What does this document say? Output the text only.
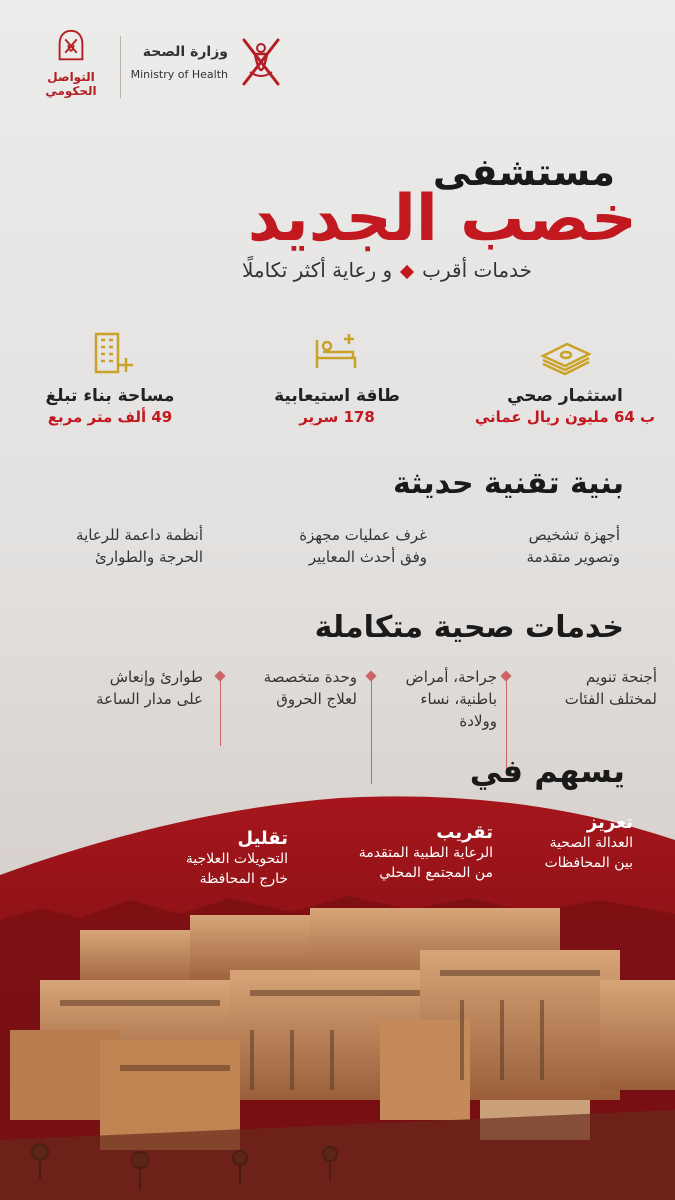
التواصل
الحكومي
وزارة الصحة
Ministry of Health
مستشفى
خصب الجديد
خدمات أقربو رعاية أكثر تكاملًا
استثمار صحي
ب 64 مليون ريال عماني
طاقة استيعابية
178 سرير
مساحة بناء تبلغ
49 ألف متر مربع
بنية تقنية حديثة
أجهزة تشخيص
وتصوير متقدمة
غرف عمليات مجهزة
وفق أحدث المعايير
أنظمة داعمة للرعاية
الحرجة والطوارئ
خدمات صحية متكاملة
أجنحة تنويم
لمختلف الفئات
جراحة، أمراض
باطنية، نساء
وولادة
وحدة متخصصة
لعلاج الحروق
طوارئ وإنعاش
على مدار الساعة
يسهم في
تعزيز
العدالة الصحية
بين المحافظات
تقريب
الرعاية الطبية المتقدمة
من المجتمع المحلي
تقليل
التحويلات العلاجية
خارج المحافظة
